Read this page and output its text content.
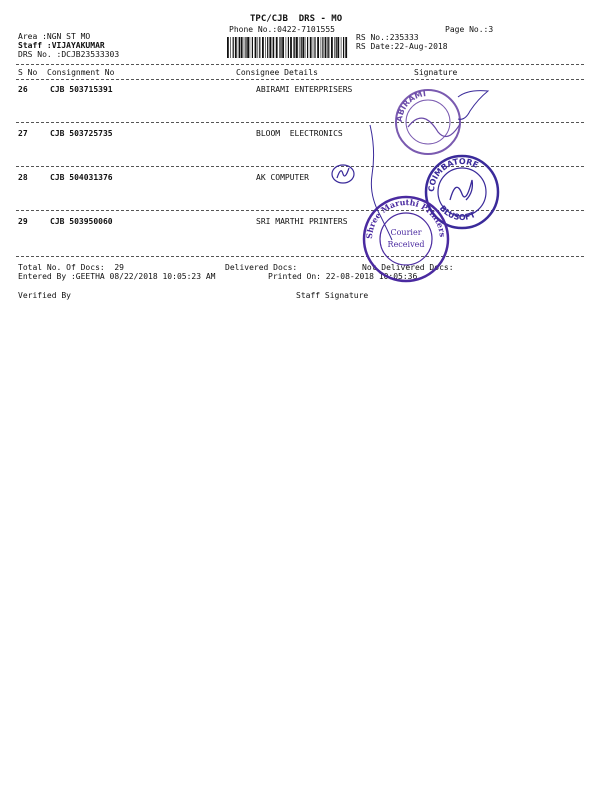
TPC/CJB  DRS - MO
Phone No.:0422-7101555	Page No.:3
Area :NGN ST MO
Staff :VIJAYAKUMAR
DRS No. :DCJB23533303
RS No.:235333
RS Date:22-Aug-2018
S No Consignment No	Consignee Details	Signature
26	CJB 503715391	ABIRAMI ENTERPRISERS
27	CJB 503725735	BLOOM  ELECTRONICS
28	CJB 504031376	AK COMPUTER
29	CJB 503950060	SRI MARTHI PRINTERS
Total No. Of Docs:  29	Delivered Docs:	Not Delivered Docs:
Entered By :GEETHA 08/22/2018 10:05:23 AM	Printed On: 22-08-2018 10:05:36
Verified By	Staff Signature
ABIRAMI
COIMBATORE
BLUSOFT
Shree Maruthi Printers
Courier
Received
